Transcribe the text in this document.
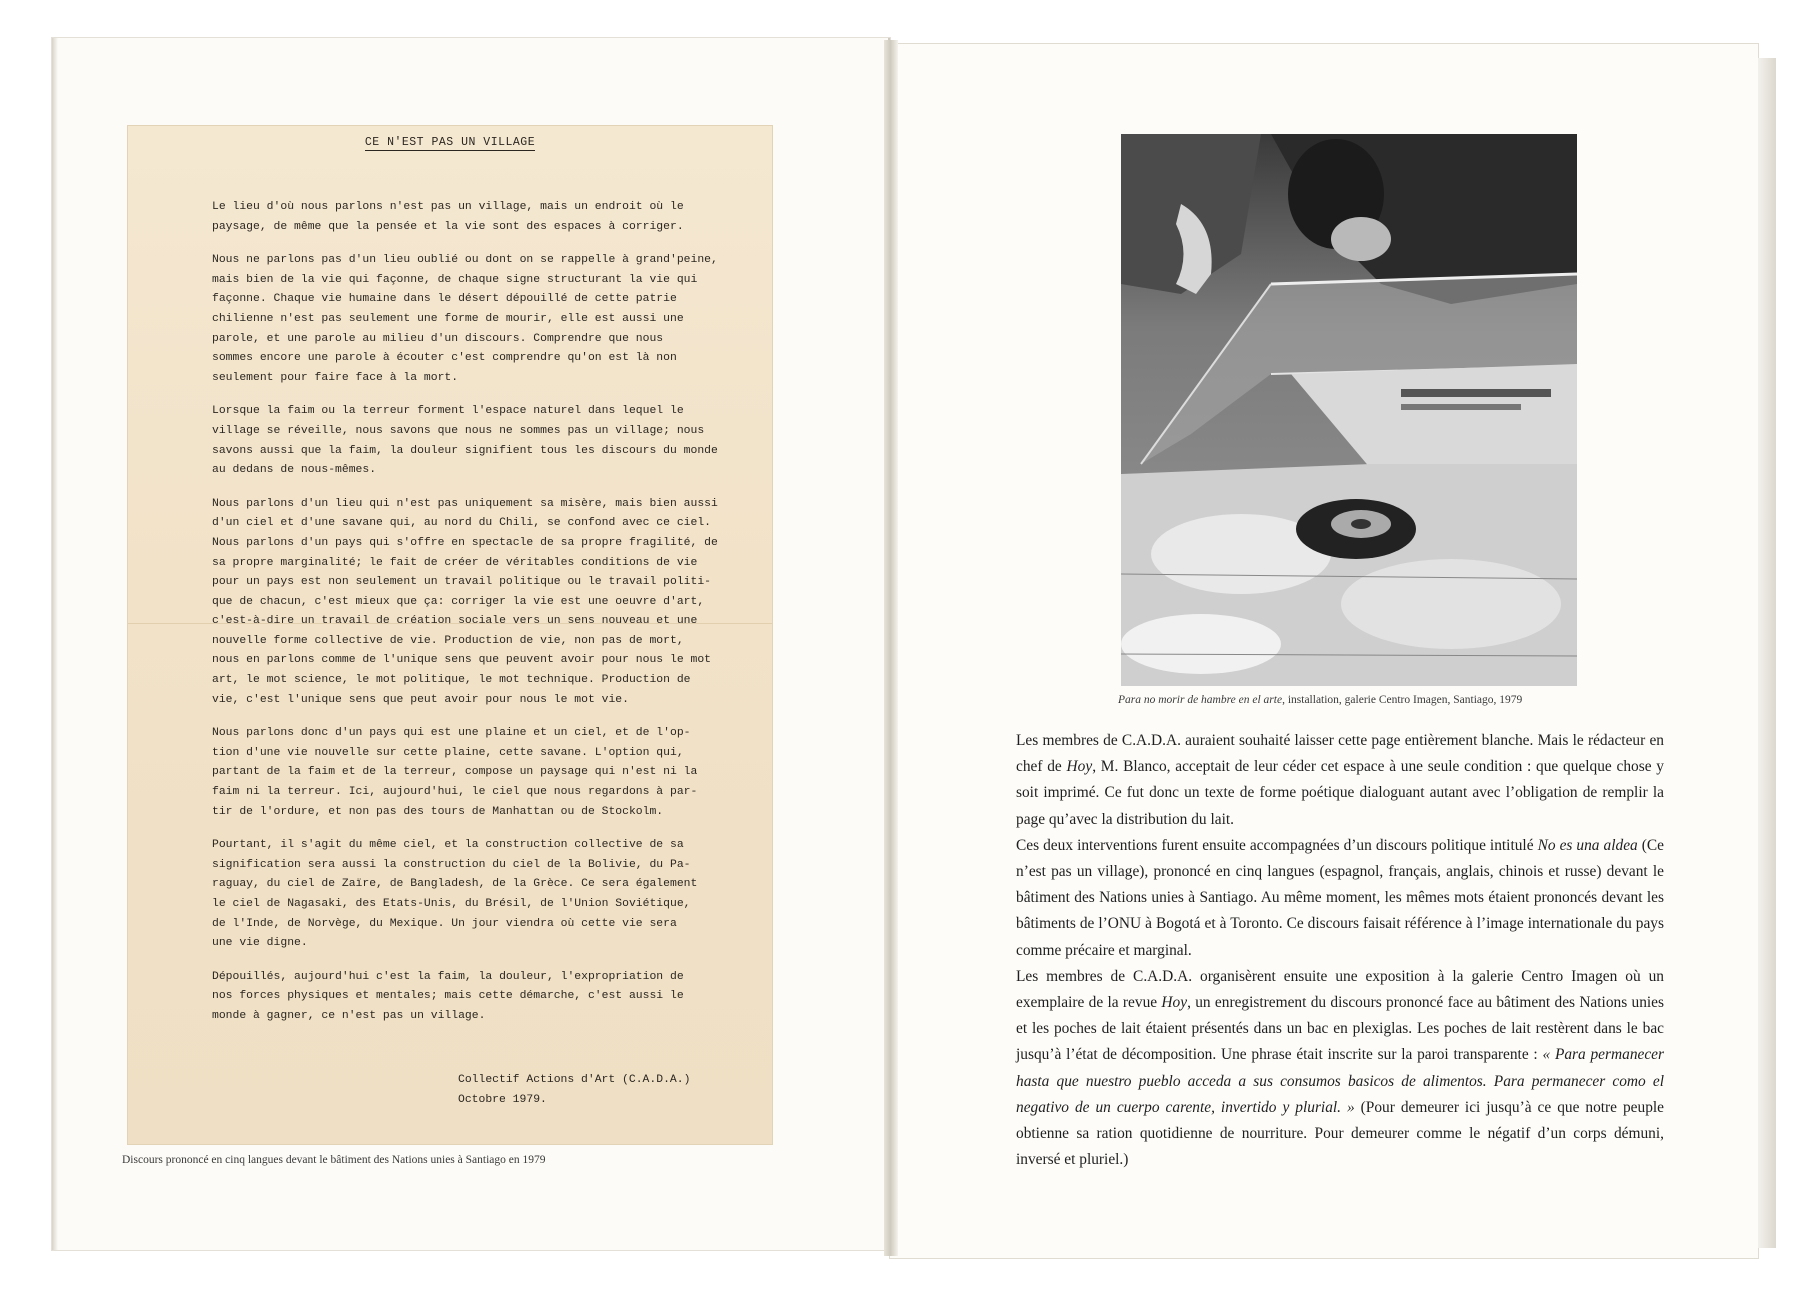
CE N'EST PAS UN VILLAGE

Le lieu d'où nous parlons n'est pas un village, mais un endroit où le
paysage, de même que la pensée et la vie sont des espaces à corriger.

Nous ne parlons pas d'un lieu oublié ou dont on se rappelle à grand'peine,
mais bien de la vie qui façonne, de chaque signe structurant la vie qui
façonne. Chaque vie humaine dans le désert dépouillé de cette patrie
chilienne n'est pas seulement une forme de mourir, elle est aussi une
parole, et une parole au milieu d'un discours. Comprendre que nous
sommes encore une parole à écouter c'est comprendre qu'on est là non
seulement pour faire face à la mort.

Lorsque la faim ou la terreur forment l'espace naturel dans lequel le
village se réveille, nous savons que nous ne sommes pas un village; nous
savons aussi que la faim, la douleur signifient tous les discours du monde
au dedans de nous-mêmes.

Nous parlons d'un lieu qui n'est pas uniquement sa misère, mais bien aussi
d'un ciel et d'une savane qui, au nord du Chili, se confond avec ce ciel.
Nous parlons d'un pays qui s'offre en spectacle de sa propre fragilité, de
sa propre marginalité; le fait de créer de véritables conditions de vie
pour un pays est non seulement un travail politique ou le travail politi-
que de chacun, c'est mieux que ça: corriger la vie est une oeuvre d'art,
c'est-à-dire un travail de création sociale vers un sens nouveau et une
nouvelle forme collective de vie. Production de vie, non pas de mort,
nous en parlons comme de l'unique sens que peuvent avoir pour nous le mot
art, le mot science, le mot politique, le mot technique. Production de
vie, c'est l'unique sens que peut avoir pour nous le mot vie.

Nous parlons donc d'un pays qui est une plaine et un ciel, et de l'op-
tion d'une vie nouvelle sur cette plaine, cette savane. L'option qui,
partant de la faim et de la terreur, compose un paysage qui n'est ni la
faim ni la terreur. Ici, aujourd'hui, le ciel que nous regardons à par-
tir de l'ordure, et non pas des tours de Manhattan ou de Stockolm.

Pourtant, il s'agit du même ciel, et la construction collective de sa
signification sera aussi la construction du ciel de la Bolivie, du Pa-
raguay, du ciel de Zaïre, de Bangladesh, de la Grèce. Ce sera également
le ciel de Nagasaki, des Etats-Unis, du Brésil, de l'Union Soviétique,
de l'Inde, de Norvège, du Mexique. Un jour viendra où cette vie sera
une vie digne.

Dépouillés, aujourd'hui c'est la faim, la douleur, l'expropriation de
nos forces physiques et mentales; mais cette démarche, c'est aussi le
monde à gagner, ce n'est pas un village.

Collectif Actions d'Art (C.A.D.A.)
Octobre 1979.
Discours prononcé en cinq langues devant le bâtiment des Nations unies à Santiago en 1979
Para no morir de hambre en el arte, installation, galerie Centro Imagen, Santiago, 1979

Les membres de C.A.D.A. auraient souhaité laisser cette page entièrement blanche. Mais le rédacteur en chef de Hoy, M. Blanco, acceptait de leur céder cet espace à une seule condition : que quelque chose y soit imprimé. Ce fut donc un texte de forme poétique dialoguant autant avec l’obligation de remplir la page qu’avec la distribution du lait.

Ces deux interventions furent ensuite accompagnées d’un discours politique intitulé No es una aldea (Ce n’est pas un village), prononcé en cinq langues (espagnol, français, anglais, chinois et russe) devant le bâtiment des Nations unies à Santiago. Au même moment, les mêmes mots étaient prononcés devant les bâtiments de l’ONU à Bogotá et à Toronto. Ce discours faisait référence à l’image internationale du pays comme précaire et marginal.

Les membres de C.A.D.A. organisèrent ensuite une exposition à la galerie Centro Imagen où un exemplaire de la revue Hoy, un enregistrement du discours prononcé face au bâtiment des Nations unies et les poches de lait étaient présentés dans un bac en plexiglas. Les poches de lait restèrent dans le bac jusqu’à l’état de décomposition. Une phrase était inscrite sur la paroi transparente : « Para permanecer hasta que nuestro pueblo acceda a sus consumos basicos de alimentos. Para permanecer como el negativo de un cuerpo carente, invertido y plurial. » (Pour demeurer ici jusqu’à ce que notre peuple obtienne sa ration quotidienne de nourriture. Pour demeurer comme le négatif d’un corps démuni, inversé et pluriel.)
